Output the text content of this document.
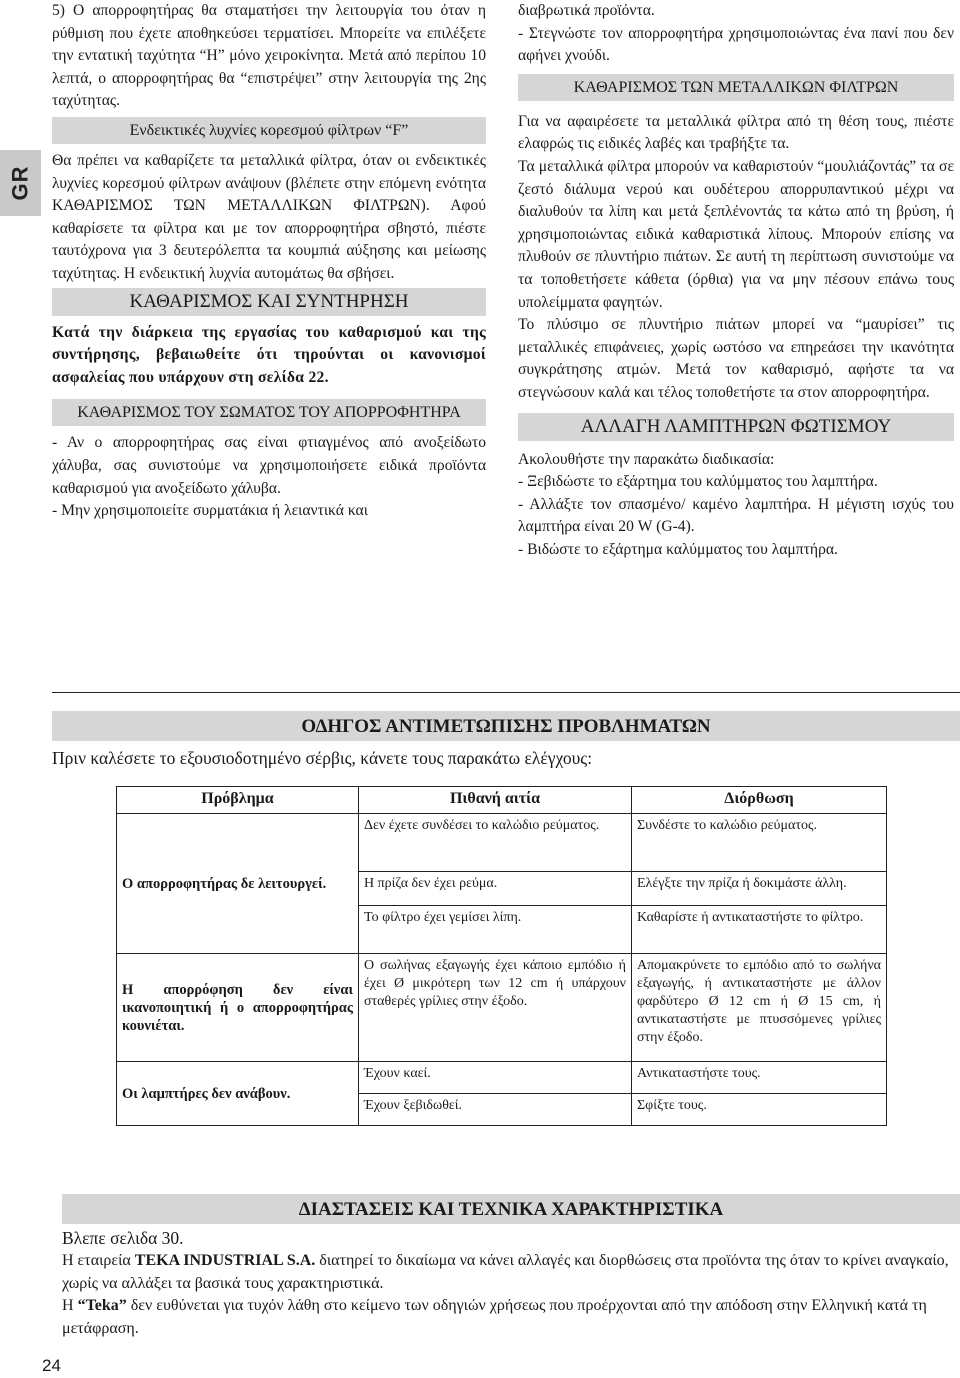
GR

5) Ο απορροφητήρας θα σταματήσει την λειτουργία του όταν η ρύθμιση που έχετε αποθηκεύσει τερματίσει. Μπορείτε να επιλέξετε την εντατική ταχύτητα “H” μόνο χειροκίνητα. Μετά από περίπου 10 λεπτά, ο απορροφητήρας θα “επιστρέψει” στην λειτουργία της 2ης ταχύτητας.

Ενδεικτικές λυχνίες κορεσμού φίλτρων “F”

Θα πρέπει να καθαρίζετε τα μεταλλικά φίλτρα, όταν οι ενδεικτικές λυχνίες κορεσμού φίλτρων ανάψουν (βλέπετε στην επόμενη ενότητα ΚΑΘΑΡΙΣΜΟΣ ΤΩΝ ΜΕΤΑΛΛΙΚΩΝ ΦΙΛΤΡΩΝ). Αφού καθαρίσετε τα φίλτρα και με τον απορροφητήρα σβηστό, πιέστε ταυτόχρονα για 3 δευτερόλεπτα τα κουμπιά αύξησης και μείωσης ταχύτητας. Η ενδεικτική λυχνία αυτομάτως θα σβήσει.

ΚΑΘΑΡΙΣΜΟΣ ΚΑΙ ΣΥΝΤΗΡΗΣΗ

Κατά την διάρκεια της εργασίας του καθαρισμού και της συντήρησης, βεβαιωθείτε ότι τηρούνται οι κανονισμοί ασφαλείας που υπάρχουν στη σελίδα 22.

ΚΑΘΑΡΙΣΜΟΣ ΤΟΥ ΣΩΜΑΤΟΣ ΤΟΥ ΑΠΟΡΡΟΦΗΤΗΡΑ

- Αν ο απορροφητήρας σας είναι φτιαγμένος από ανοξείδωτο χάλυβα, σας συνιστούμε να χρησιμοποιήσετε ειδικά προϊόντα καθαρισμού για ανοξείδωτο χάλυβα.

- Μην χρησιμοποιείτε συρματάκια ή λειαντικά και

διαβρωτικά προϊόντα.

- Στεγνώστε τον απορροφητήρα χρησιμοποιώντας ένα πανί που δεν αφήνει χνούδι.

ΚΑΘΑΡΙΣΜΟΣ ΤΩΝ ΜΕΤΑΛΛΙΚΩΝ ΦΙΛΤΡΩΝ

Για να αφαιρέσετε τα μεταλλικά φίλτρα από τη θέση τους, πιέστε ελαφρώς τις ειδικές λαβές και τραβήξτε τα.

Τα μεταλλικά φίλτρα μπορούν να καθαριστούν “μουλιάζοντάς” τα σε ζεστό διάλυμα νερού και ουδέτερου απορρυπαντικού μέχρι να διαλυθούν τα λίπη και μετά ξεπλένοντάς τα κάτω από τη βρύση, ή χρησιμοποιώντας ειδικά καθαριστικά λίπους. Μπορούν επίσης να πλυθούν σε πλυντήριο πιάτων. Σε αυτή τη περίπτωση συνιστούμε να τα τοποθετήσετε κάθετα (όρθια) για να μην πέσουν επάνω τους υπολείμματα φαγητών.

Το πλύσιμο σε πλυντήριο πιάτων μπορεί να “μαυρίσει” τις μεταλλικές επιφάνειες, χωρίς ωστόσο να επηρεάσει την ικανότητα συγκράτησης ατμών. Μετά τον καθαρισμό, αφήστε τα να στεγνώσουν καλά και τέλος τοποθετήστε τα στον απορροφητήρα.

ΑΛΛΑΓΗ ΛΑΜΠΤΗΡΩΝ ΦΩΤΙΣΜΟΥ

Ακολουθήστε την παρακάτω διαδικασία:

- Ξεβιδώστε το εξάρτημα του καλύμματος του λαμπτήρα.

- Αλλάξτε τον σπασμένο/ καμένο λαμπτήρα. Η μέγιστη ισχύς του λαμπτήρα είναι 20 W (G-4).

- Βιδώστε το εξάρτημα καλύμματος του λαμπτήρα.

ΟΔΗΓΟΣ ΑΝΤΙΜΕΤΩΠΙΣΗΣ ΠΡΟΒΛΗΜΑΤΩΝ
Πριν καλέσετε το εξουσιοδοτημένο σέρβις, κάνετε τους παρακάτω ελέγχους:
Πρόβλημα	Πιθανή αιτία	Διόρθωση
Ο απορροφητήρας δε λειτουργεί.	Δεν έχετε συνδέσει το καλώδιο ρεύματος.	Συνδέστε το καλώδιο ρεύματος.
	Η πρίζα δεν έχει ρεύμα.	Ελέγξτε την πρίζα ή δοκιμάστε άλλη.
	Το φίλτρο έχει γεμίσει λίπη.	Καθαρίστε ή αντικαταστήστε το φίλτρο.
Η απορρόφηση δεν είναι ικανοποιητική ή ο απορροφητήρας κουνιέται.	Ο σωλήνας εξαγωγής έχει κάποιο εμπόδιο ή έχει Ø μικρότερη των 12 cm ή υπάρχουν σταθερές γρίλιες στην έξοδο.	Απομακρύνετε το εμπόδιο από το σωλήνα εξαγωγής, ή αντικαταστήστε με άλλον φαρδύτερο Ø 12 cm ή Ø 15 cm, ή αντικαταστήστε με πτυσσόμενες γρίλιες στην έξοδο.
Οι λαμπτήρες δεν ανάβουν.	Έχουν καεί.	Αντικαταστήστε τους.
	Έχουν ξεβιδωθεί.	Σφίξτε τους.
ΔΙΑΣΤΑΣΕΙΣ ΚΑΙ ΤΕΧΝΙΚΑ ΧΑΡΑΚΤΗΡΙΣΤΙΚΑ

Βλεπε σελιδα 30.

Η εταιρεία TEKA INDUSTRIAL S.A. διατηρεί το δικαίωμα να κάνει αλλαγές και διορθώσεις στα προϊόντα της όταν το κρίνει αναγκαίο, χωρίς να αλλάξει τα βασικά τους χαρακτηριστικά.

Η “Teka” δεν ευθύνεται για τυχόν λάθη στο κείμενο των οδηγιών χρήσεως που προέρχονται από την απόδοση στην Ελληνική κατά τη μετάφραση.

24
